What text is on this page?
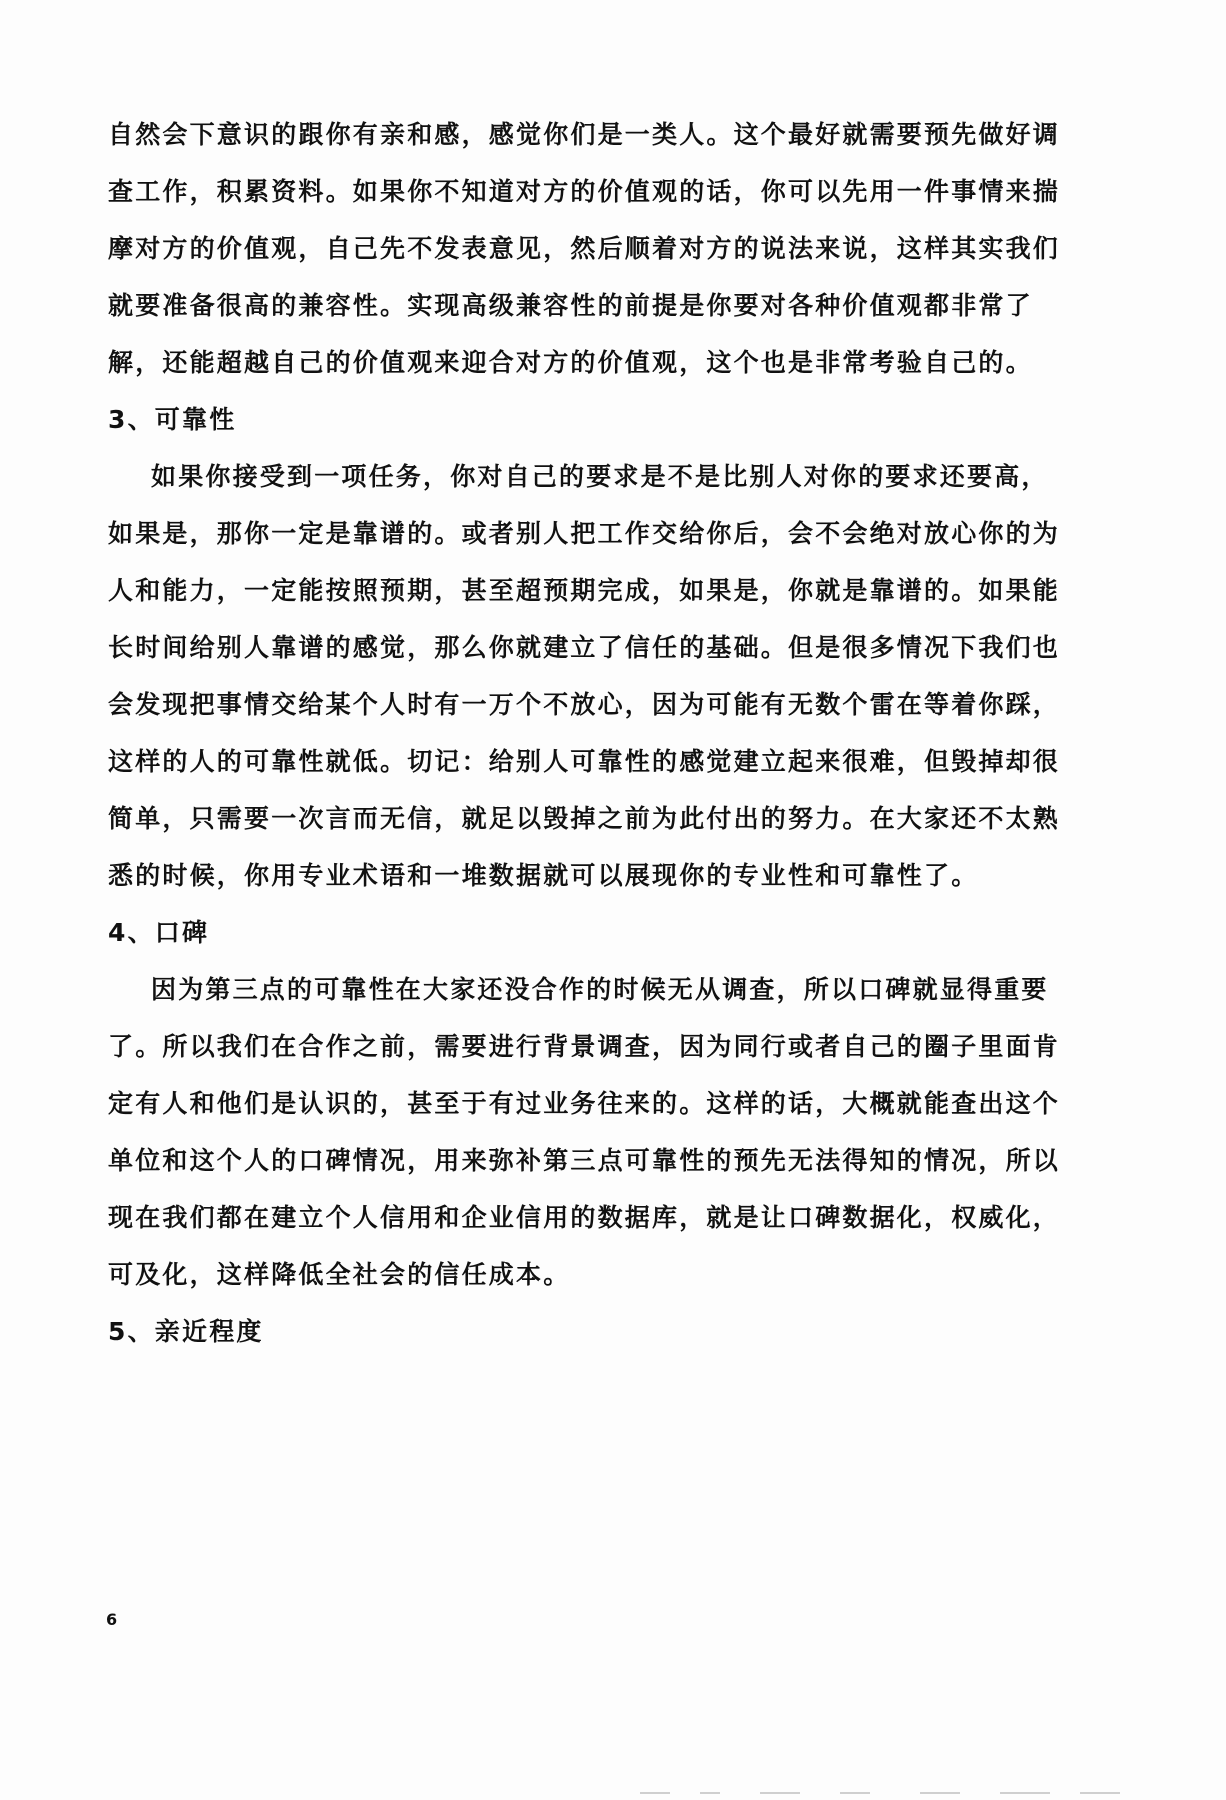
自然会下意识的跟你有亲和感，感觉你们是一类人。这个最好就需要预先做好调
查工作，积累资料。如果你不知道对方的价值观的话，你可以先用一件事情来揣
摩对方的价值观，自己先不发表意见，然后顺着对方的说法来说，这样其实我们
就要准备很高的兼容性。实现高级兼容性的前提是你要对各种价值观都非常了
解，还能超越自己的价值观来迎合对方的价值观，这个也是非常考验自己的。
3、可靠性
如果你接受到一项任务，你对自己的要求是不是比别人对你的要求还要高，
如果是，那你一定是靠谱的。或者别人把工作交给你后，会不会绝对放心你的为
人和能力，一定能按照预期，甚至超预期完成，如果是，你就是靠谱的。如果能
长时间给别人靠谱的感觉，那么你就建立了信任的基础。但是很多情况下我们也
会发现把事情交给某个人时有一万个不放心，因为可能有无数个雷在等着你踩，
这样的人的可靠性就低。切记：给别人可靠性的感觉建立起来很难，但毁掉却很
简单，只需要一次言而无信，就足以毁掉之前为此付出的努力。在大家还不太熟
悉的时候，你用专业术语和一堆数据就可以展现你的专业性和可靠性了。
4、口碑
因为第三点的可靠性在大家还没合作的时候无从调查，所以口碑就显得重要
了。所以我们在合作之前，需要进行背景调查，因为同行或者自己的圈子里面肯
定有人和他们是认识的，甚至于有过业务往来的。这样的话，大概就能查出这个
单位和这个人的口碑情况，用来弥补第三点可靠性的预先无法得知的情况，所以
现在我们都在建立个人信用和企业信用的数据库，就是让口碑数据化，权威化，
可及化，这样降低全社会的信任成本。
5、亲近程度
6
